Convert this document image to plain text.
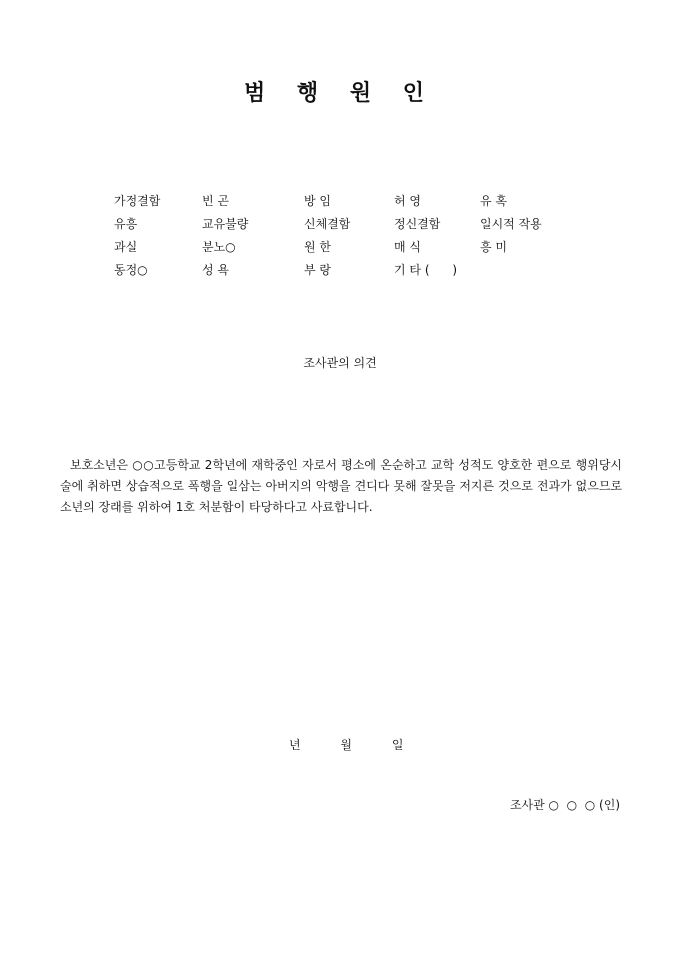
범 행 원 인
가정결함	빈 곤	방 임	허 영	유 혹
유흥	교유불량	신체결함	정신결함	일시적 작용
과실	분노○	원 한	매 식	흥 미
동정○	성 욕	부 랑	기 타 (      )
조사관의 의견
보호소년은 ○○고등학교 2학년에 재학중인 자로서 평소에 온순하고 교학 성적도 양호한 편으로 행위당시 술에 취하면 상습적으로 폭행을 일삼는 아버지의 악행을 견디다 못해 잘못을 저지른 것으로 전과가 없으므로 소년의 장래를 위하여 1호 처분함이 타당하다고 사료합니다.
년	월	일
조사관 ○  ○  ○ (인)
